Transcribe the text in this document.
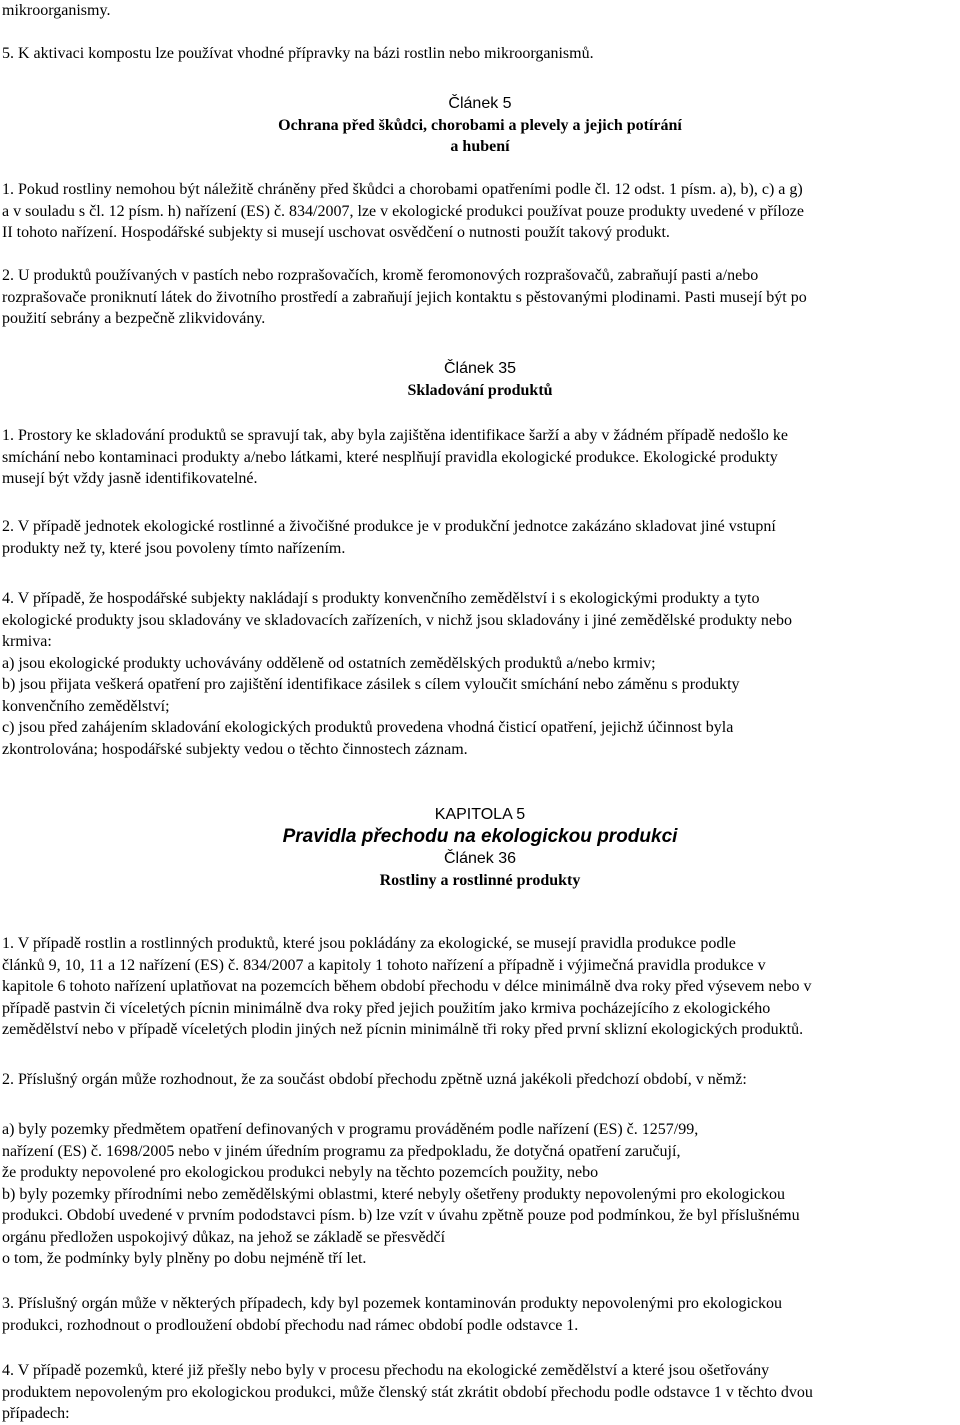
mikroorganismy.

5. K aktivaci kompostu lze používat vhodné přípravky na bázi rostlin nebo mikroorganismů.

Článek 5

Ochrana před škůdci, chorobami a plevely a jejich potírání

a hubení

1. Pokud rostliny nemohou být náležitě chráněny před škůdci a chorobami opatřeními podle čl. 12 odst. 1 písm. a), b), c) a g)

a v souladu s čl. 12 písm. h) nařízení (ES) č. 834/2007, lze v ekologické produkci používat pouze produkty uvedené v příloze

II tohoto nařízení. Hospodářské subjekty si musejí uschovat osvědčení o nutnosti použít takový produkt.

2. U produktů používaných v pastích nebo rozprašovačích, kromě feromonových rozprašovačů, zabraňují pasti a/nebo

rozprašovače proniknutí látek do životního prostředí a zabraňují jejich kontaktu s pěstovanými plodinami. Pasti musejí být po

použití sebrány a bezpečně zlikvidovány.

Článek 35

Skladování produktů

1. Prostory ke skladování produktů se spravují tak, aby byla zajištěna identifikace šarží a aby v žádném případě nedošlo ke

smíchání nebo kontaminaci produkty a/nebo látkami, které nesplňují pravidla ekologické produkce. Ekologické produkty

musejí být vždy jasně identifikovatelné.

2. V případě jednotek ekologické rostlinné a živočišné produkce je v produkční jednotce zakázáno skladovat jiné vstupní

produkty než ty, které jsou povoleny tímto nařízením.

4. V případě, že hospodářské subjekty nakládají s produkty konvenčního zemědělství i s ekologickými produkty a tyto

ekologické produkty jsou skladovány ve skladovacích zařízeních, v nichž jsou skladovány i jiné zemědělské produkty nebo

krmiva:

a) jsou ekologické produkty uchovávány odděleně od ostatních zemědělských produktů a/nebo krmiv;

b) jsou přijata veškerá opatření pro zajištění identifikace zásilek s cílem vyloučit smíchání nebo záměnu s produkty

konvenčního zemědělství;

c) jsou před zahájením skladování ekologických produktů provedena vhodná čisticí opatření, jejichž účinnost byla

zkontrolována; hospodářské subjekty vedou o těchto činnostech záznam.

KAPITOLA 5

Pravidla přechodu na ekologickou produkci

Článek 36

Rostliny a rostlinné produkty

1. V případě rostlin a rostlinných produktů, které jsou pokládány za ekologické, se musejí pravidla produkce podle

článků 9, 10, 11 a 12 nařízení (ES) č. 834/2007 a kapitoly 1 tohoto nařízení a případně i výjimečná pravidla produkce v

kapitole 6 tohoto nařízení uplatňovat na pozemcích během období přechodu v délce minimálně dva roky před výsevem nebo v

případě pastvin či víceletých pícnin minimálně dva roky před jejich použitím jako krmiva pocházejícího z ekologického

zemědělství nebo v případě víceletých plodin jiných než pícnin minimálně tři roky před první sklizní ekologických produktů.

2. Příslušný orgán může rozhodnout, že za součást období přechodu zpětně uzná jakékoli předchozí období, v němž:

a) byly pozemky předmětem opatření definovaných v programu prováděném podle nařízení (ES) č. 1257/99,

nařízení (ES) č. 1698/2005 nebo v jiném úředním programu za předpokladu, že dotyčná opatření zaručují,

že produkty nepovolené pro ekologickou produkci nebyly na těchto pozemcích použity, nebo

b) byly pozemky přírodními nebo zemědělskými oblastmi, které nebyly ošetřeny produkty nepovolenými pro ekologickou

produkci. Období uvedené v prvním pododstavci písm. b) lze vzít v úvahu zpětně pouze pod podmínkou, že byl příslušnému

orgánu předložen uspokojivý důkaz, na jehož se základě se přesvědčí

o tom, že podmínky byly plněny po dobu nejméně tří let.

3. Příslušný orgán může v některých případech, kdy byl pozemek kontaminován produkty nepovolenými pro ekologickou

produkci, rozhodnout o prodloužení období přechodu nad rámec období podle odstavce 1.

4. V případě pozemků, které již přešly nebo byly v procesu přechodu na ekologické zemědělství a které jsou ošetřovány

produktem nepovoleným pro ekologickou produkci, může členský stát zkrátit období přechodu podle odstavce 1 v těchto dvou

případech:
